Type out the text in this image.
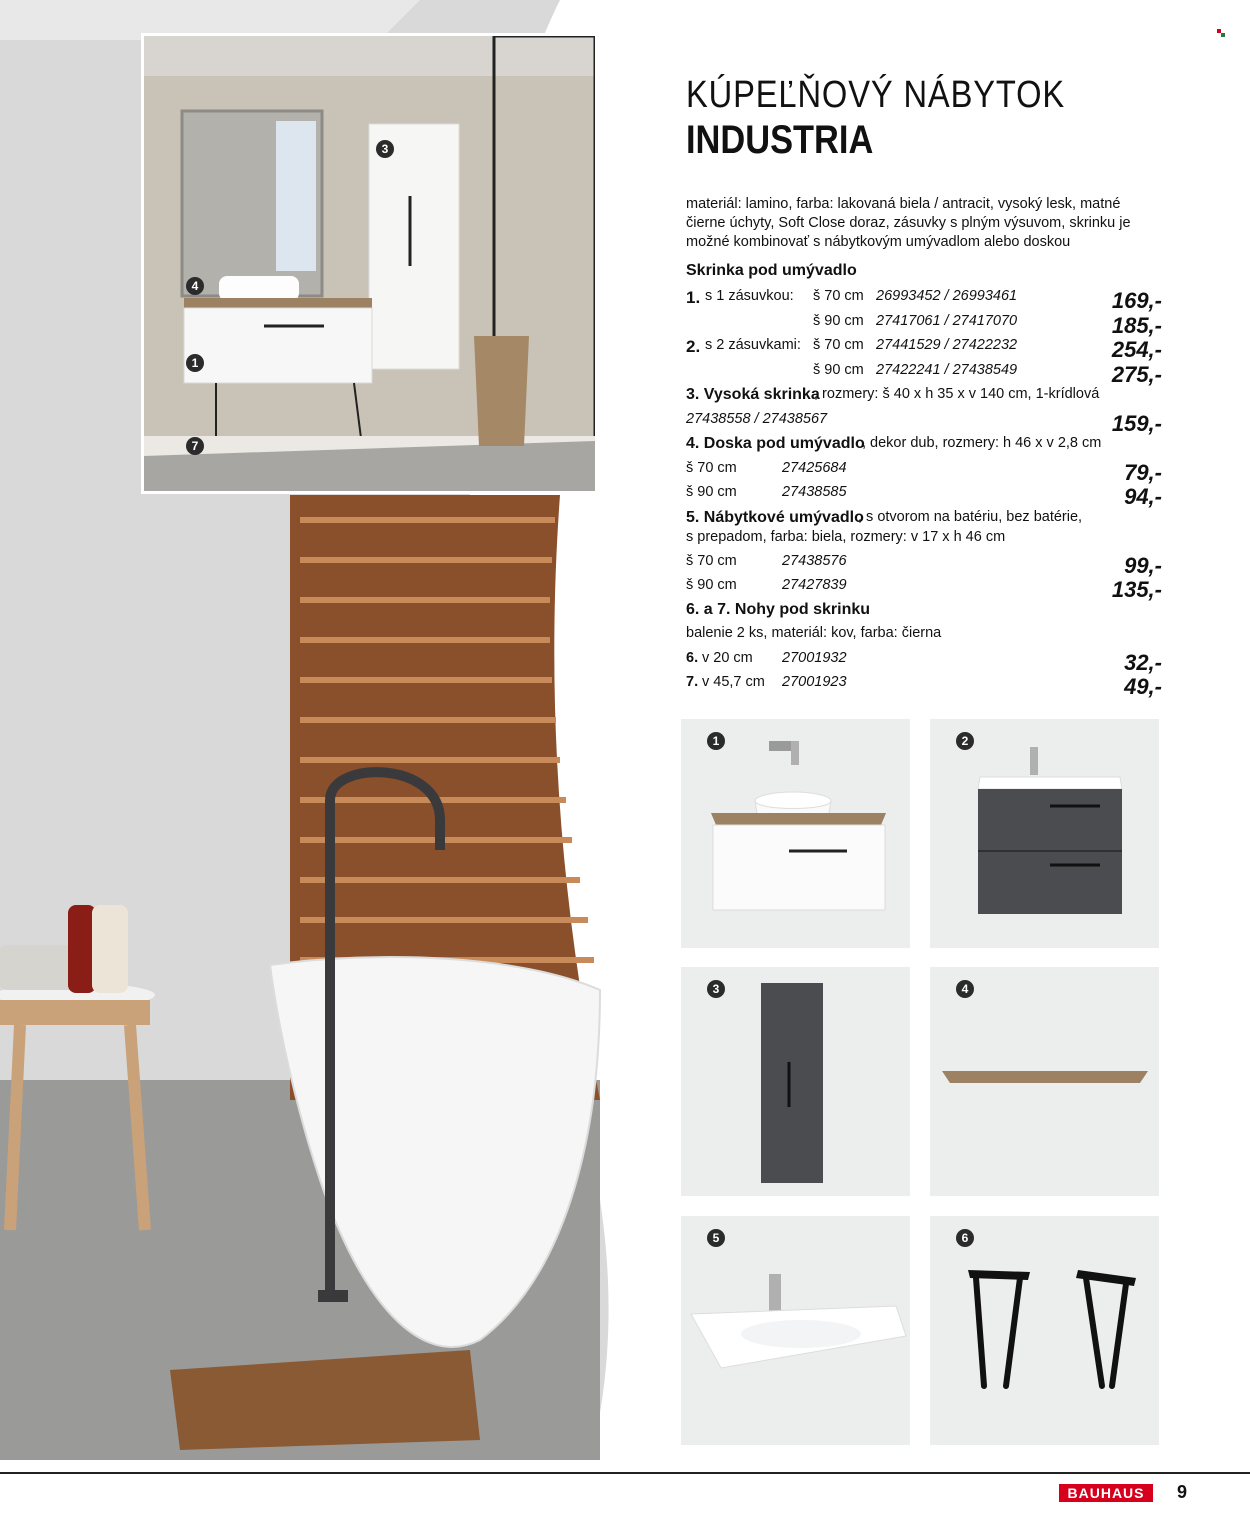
3
4
1
7
KÚPEĽŇOVÝ NÁBYTOK
INDUSTRIA
materiál: lamino, farba: lakovaná biela / antracit, vysoký lesk, matné čierne úchyty, Soft Close doraz, zásuvky s plným výsuvom, skrinku je možné kombinovať s nábytkovým umývadlom alebo doskou
Skrinka pod umývadlo
1. s 1 zásuvkou: š 70 cm 26993452 / 26993461	169,-
š 90 cm 27417061 / 27417070	185,-
2. s 2 zásuvkami: š 70 cm 27441529 / 27422232	254,-
š 90 cm 27422241 / 27438549	275,-
3. Vysoká skrinka
, rozmery: š 40 x h 35 x v 140 cm, 1-krídlová
27438558 / 27438567	159,-
4. Doska pod umývadlo
, dekor dub, rozmery: h 46 x v 2,8 cm
š 70 cm	27425684	79,-
š 90 cm	27438585	94,-
5. Nábytkové umývadlo
, s otvorom na batériu, bez batérie,
s prepadom, farba: biela, rozmery: v 17 x h 46 cm
š 70 cm	27438576	99,-
š 90 cm	27427839	135,-
6. a 7. Nohy pod skrinku
balenie 2 ks, materiál: kov, farba: čierna
6. v 20 cm 27001932	32,-
7. v 45,7 cm 27001923	49,-
1	2
3	4
5	6
BAUHAUS	9
